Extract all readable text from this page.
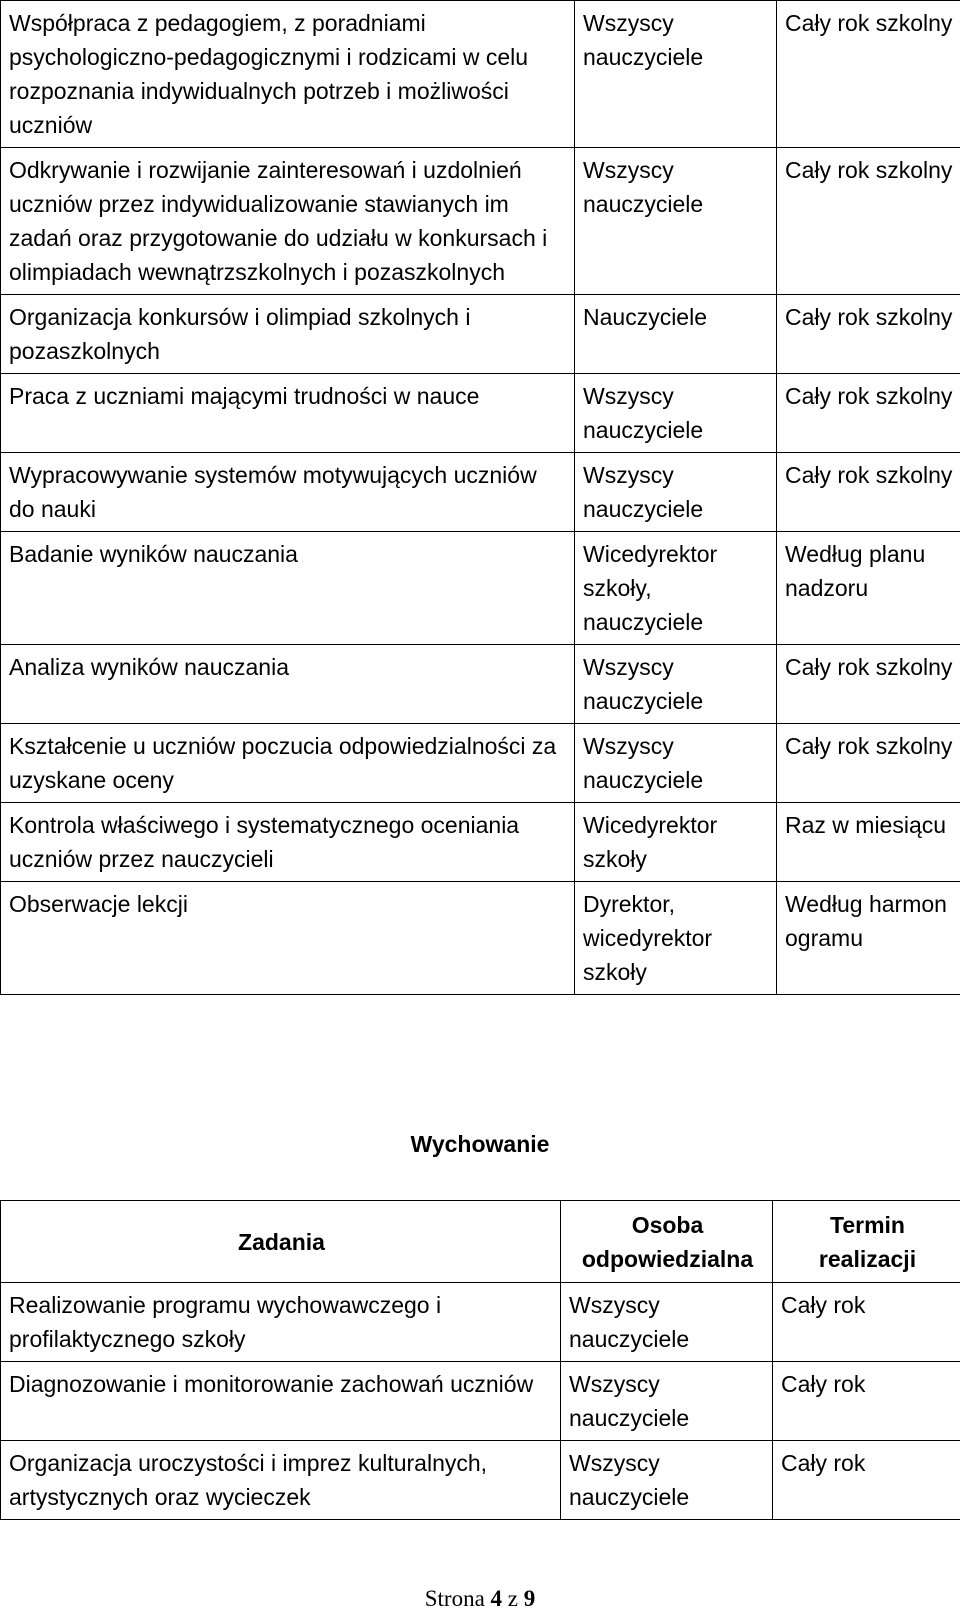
Współpraca z pedagogiem, z poradniami psychologiczno-pedagogicznymi i rodzicami w celu rozpoznania indywidualnych potrzeb i możliwości uczniów	Wszyscy nauczyciele	Cały rok szkolny
Odkrywanie i rozwijanie zainteresowań i uzdolnień uczniów przez indywidualizowanie stawianych im zadań oraz przygotowanie do udziału w konkursach i olimpiadach wewnątrzszkolnych i pozaszkolnych	Wszyscy nauczyciele	Cały rok szkolny
Organizacja konkursów i olimpiad szkolnych i pozaszkolnych	Nauczyciele	Cały rok szkolny
Praca z uczniami mającymi trudności w nauce	Wszyscy nauczyciele	Cały rok szkolny
Wypracowywanie systemów motywujących uczniów do nauki	Wszyscy nauczyciele	Cały rok szkolny
Badanie wyników nauczania	Wicedyrektor szkoły, nauczyciele	Według planu nadzoru
Analiza wyników nauczania	Wszyscy nauczyciele	Cały rok szkolny
Kształcenie u uczniów poczucia odpowiedzialności za uzyskane oceny	Wszyscy nauczyciele	Cały rok szkolny
Kontrola właściwego i systematycznego oceniania uczniów przez nauczycieli	Wicedyrektor szkoły	Raz w miesiącu
Obserwacje lekcji	Dyrektor, wicedyrektor szkoły	Według harmonogramu
Wychowanie
Zadania	Osoba odpowiedzialna	Termin realizacji
Realizowanie programu wychowawczego i profilaktycznego szkoły	Wszyscy nauczyciele	Cały rok
Diagnozowanie i monitorowanie zachowań uczniów	Wszyscy nauczyciele	Cały rok
Organizacja uroczystości i imprez kulturalnych, artystycznych oraz wycieczek	Wszyscy nauczyciele	Cały rok
Strona 4 z 9
